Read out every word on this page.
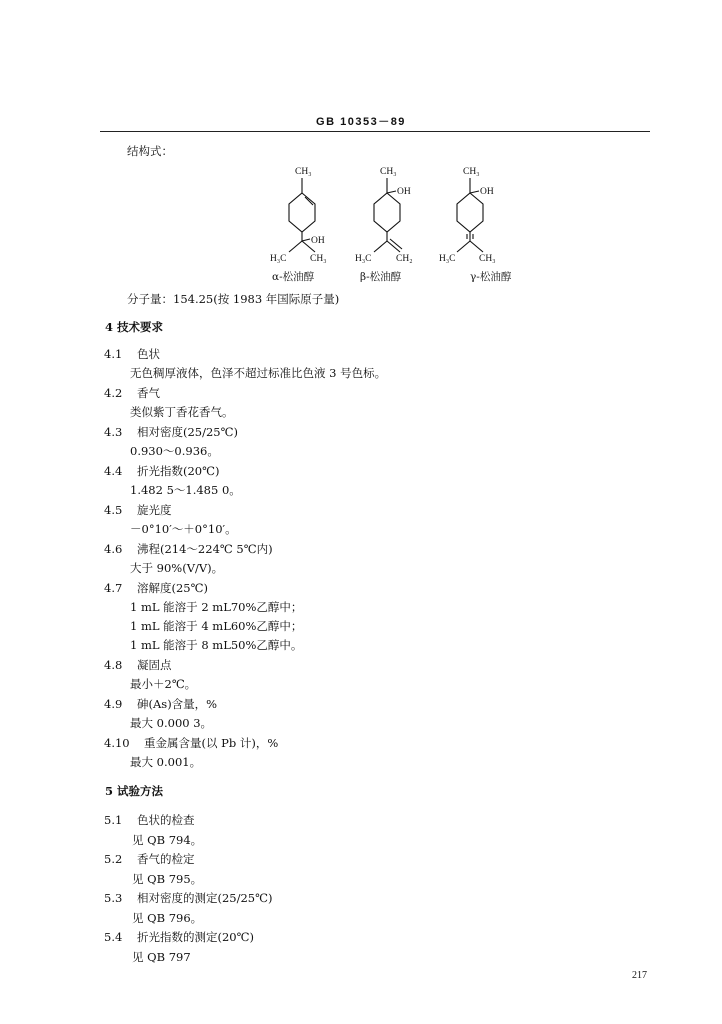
GB 10353－89
结构式：
CH₃
OH
H₃C CH₃
α-松油醇
CH₃
OH
H₃C	CH₂
β-松油醇
CH₃
OH
H₃C CH₃
γ-松油醇
分子量：154.25(按 1983 年国际原子量)
4 技术要求
4.1 色状
无色稠厚液体，色泽不超过标准比色液 3 号色标。
4.2 香气
类似紫丁香花香气。
4.3 相对密度(25/25℃)
0.930～0.936。
4.4 折光指数(20℃)
1.482 5～1.485 0。
4.5 旋光度
－0°10′～＋0°10′。
4.6 沸程(214～224℃ 5℃内)
大于 90%(V/V)。
4.7 溶解度(25℃)
1 mL 能溶于 2 mL70%乙醇中；
1 mL 能溶于 4 mL60%乙醇中；
1 mL 能溶于 8 mL50%乙醇中。
4.8 凝固点
最小＋2℃。
4.9 砷(As)含量，%
最大 0.000 3。
4.10 重金属含量(以 Pb 计)，%
最大 0.001。
5 试验方法
5.1 色状的检查
见 QB 794。
5.2 香气的检定
见 QB 795。
5.3 相对密度的测定(25/25℃)
见 QB 796。
5.4 折光指数的测定(20℃)
见 QB 797
217
